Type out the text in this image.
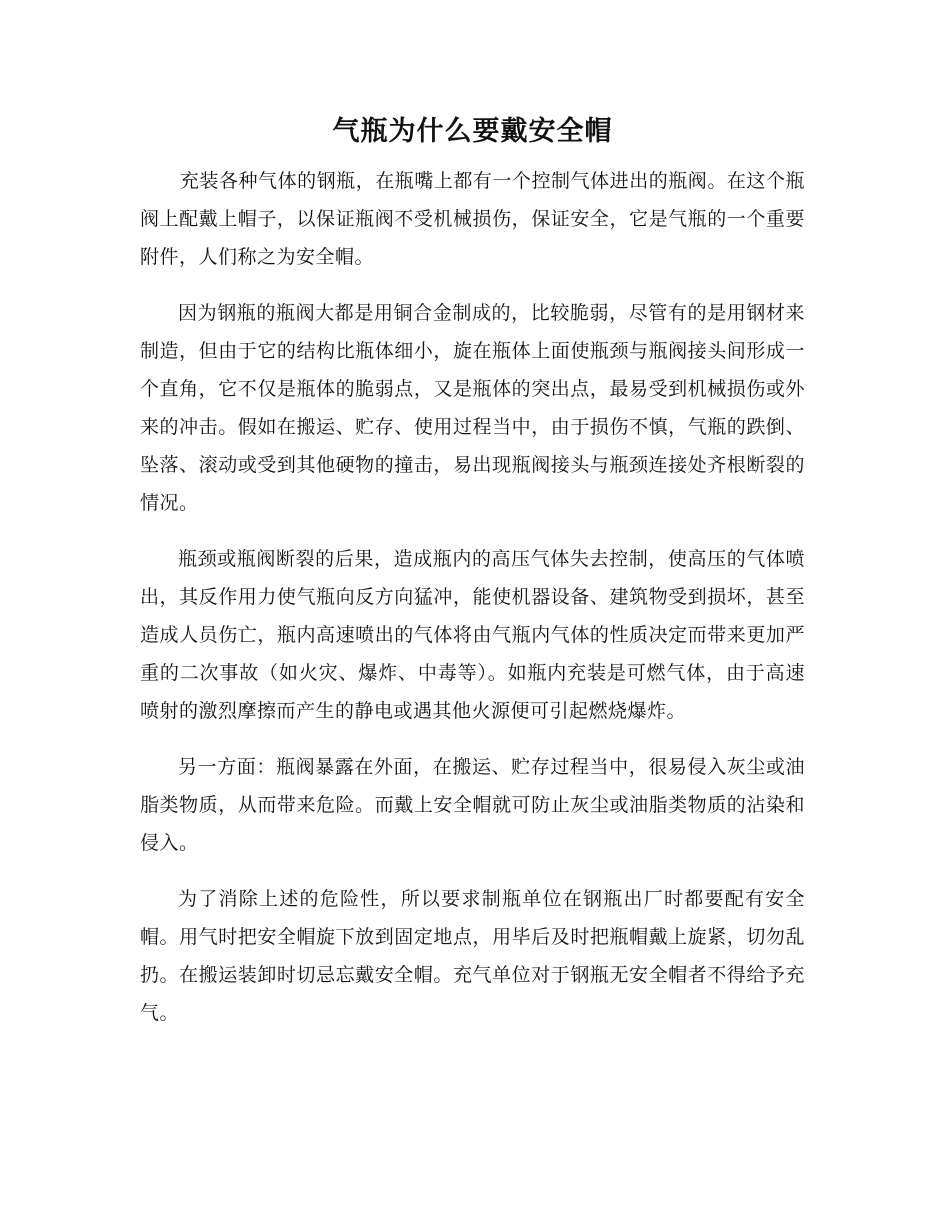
气瓶为什么要戴安全帽

充装各种气体的钢瓶，在瓶嘴上都有一个控制气体进出的瓶阀。在这个瓶阀上配戴上帽子，以保证瓶阀不受机械损伤，保证安全，它是气瓶的一个重要附件，人们称之为安全帽。

因为钢瓶的瓶阀大都是用铜合金制成的，比较脆弱，尽管有的是用钢材来制造，但由于它的结构比瓶体细小，旋在瓶体上面使瓶颈与瓶阀接头间形成一个直角，它不仅是瓶体的脆弱点，又是瓶体的突出点，最易受到机械损伤或外来的冲击。假如在搬运、贮存、使用过程当中，由于损伤不慎，气瓶的跌倒、坠落、滚动或受到其他硬物的撞击，易出现瓶阀接头与瓶颈连接处齐根断裂的情况。

瓶颈或瓶阀断裂的后果，造成瓶内的高压气体失去控制，使高压的气体喷出，其反作用力使气瓶向反方向猛冲，能使机器设备、建筑物受到损坏，甚至造成人员伤亡，瓶内高速喷出的气体将由气瓶内气体的性质决定而带来更加严重的二次事故（如火灾、爆炸、中毒等）。如瓶内充装是可燃气体，由于高速喷射的激烈摩擦而产生的静电或遇其他火源便可引起燃烧爆炸。

另一方面：瓶阀暴露在外面，在搬运、贮存过程当中，很易侵入灰尘或油脂类物质，从而带来危险。而戴上安全帽就可防止灰尘或油脂类物质的沾染和侵入。

为了消除上述的危险性，所以要求制瓶单位在钢瓶出厂时都要配有安全帽。用气时把安全帽旋下放到固定地点，用毕后及时把瓶帽戴上旋紧，切勿乱扔。在搬运装卸时切忌忘戴安全帽。充气单位对于钢瓶无安全帽者不得给予充气。
